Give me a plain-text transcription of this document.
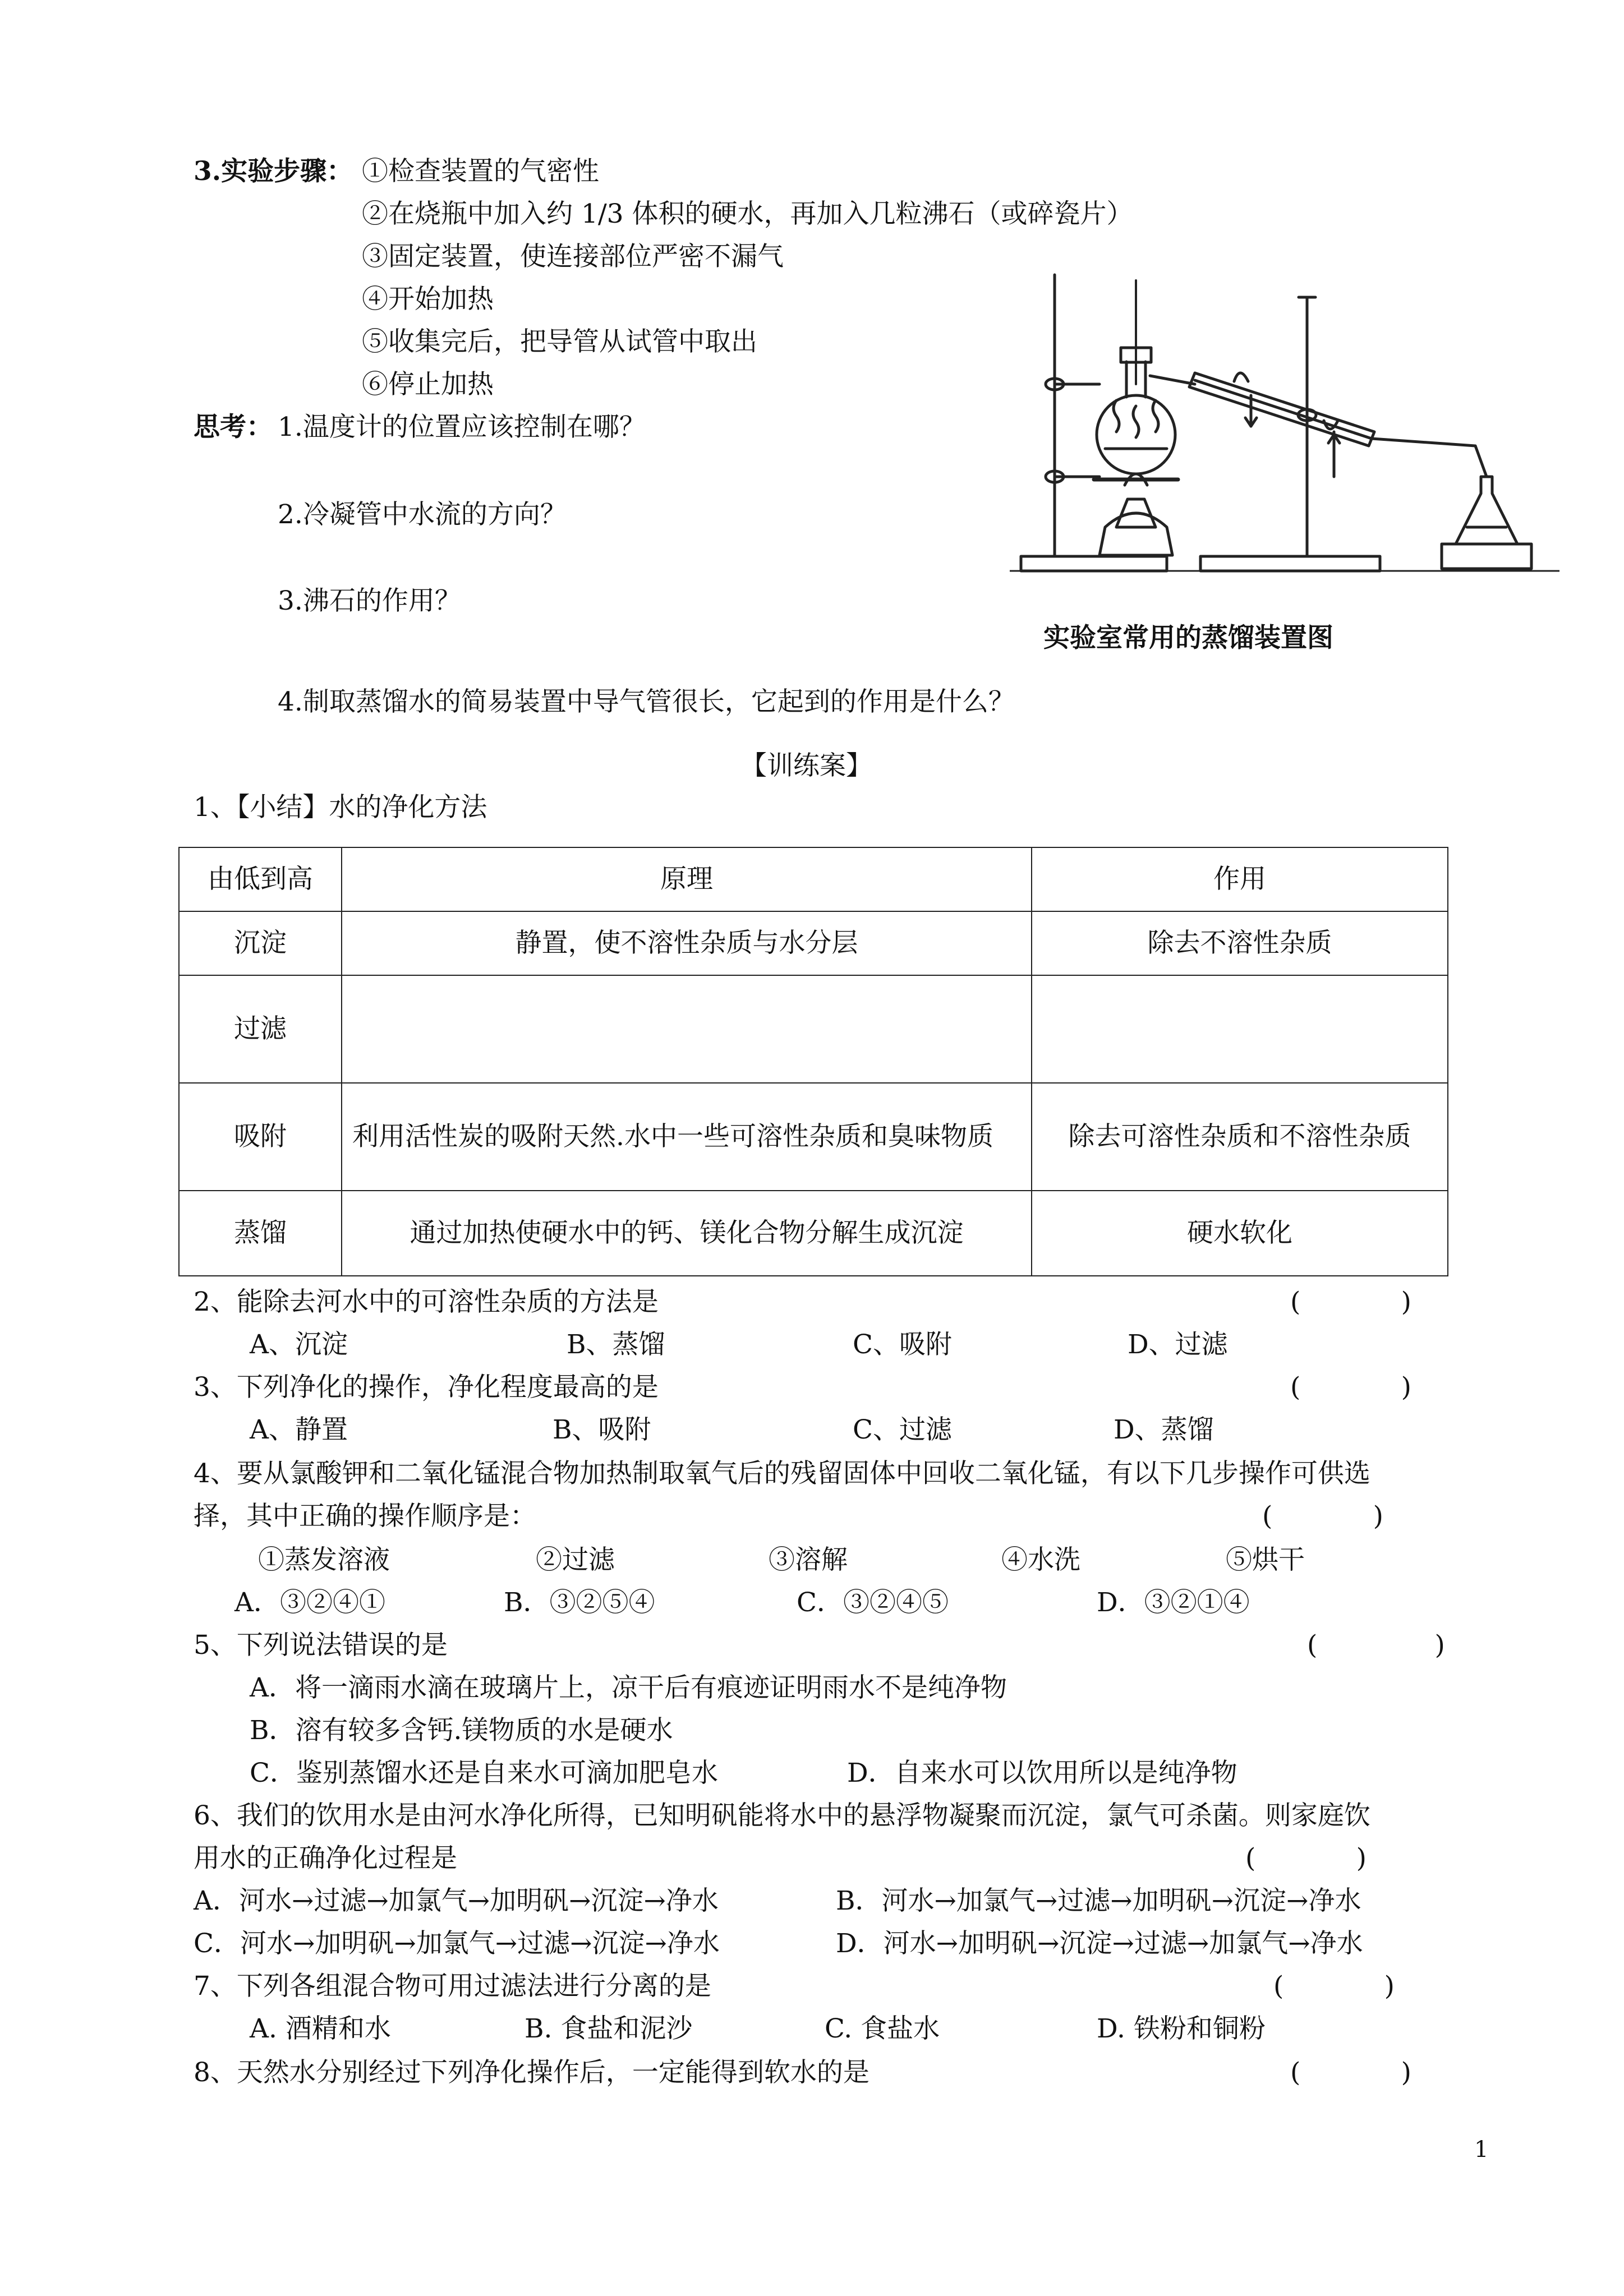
3.实验步骤： ①检查装置的气密性
②在烧瓶中加入约 1/3 体积的硬水，再加入几粒沸石（或碎瓷片）
③固定装置，使连接部位严密不漏气
④开始加热
⑤收集完后，把导管从试管中取出
⑥停止加热
思考： 1.温度计的位置应该控制在哪？
2.冷凝管中水流的方向？
3.沸石的作用？
4.制取蒸馏水的简易装置中导气管很长，它起到的作用是什么？
实验室常用的蒸馏装置图
【训练案】
1、【小结】水的净化方法
由低到高	原理	作用
沉淀	静置，使不溶性杂质与水分层	除去不溶性杂质
过滤		
吸附	利用活性炭的吸附天然.水中一些可溶性杂质和臭味物质	除去可溶性杂质和不溶性杂质
蒸馏	通过加热使硬水中的钙、镁化合物分解生成沉淀	硬水软化
2、能除去河水中的可溶性杂质的方法是	(            )
A、沉淀	B、蒸馏	C、吸附	D、过滤
3、下列净化的操作，净化程度最高的是	(            )
A、静置	B、吸附	C、过滤	D、蒸馏
4、要从氯酸钾和二氧化锰混合物加热制取氧气后的残留固体中回收二氧化锰，有以下几步操作可供选
择，其中正确的操作顺序是：	(            )
①蒸发溶液	②过滤	③溶解	④水洗	⑤烘干
A．③②④①	B．③②⑤④	C．③②④⑤	D．③②①④
5、下列说法错误的是	(              )
A．将一滴雨水滴在玻璃片上，凉干后有痕迹证明雨水不是纯净物
B．溶有较多含钙.镁物质的水是硬水
C．鉴别蒸馏水还是自来水可滴加肥皂水	D．自来水可以饮用所以是纯净物
6、我们的饮用水是由河水净化所得，已知明矾能将水中的悬浮物凝聚而沉淀，氯气可杀菌。则家庭饮
用水的正确净化过程是	(            )
A．河水→过滤→加氯气→加明矾→沉淀→净水	B．河水→加氯气→过滤→加明矾→沉淀→净水
C．河水→加明矾→加氯气→过滤→沉淀→净水	D．河水→加明矾→沉淀→过滤→加氯气→净水
7、下列各组混合物可用过滤法进行分离的是	(            )
A. 酒精和水	B. 食盐和泥沙	C. 食盐水	D. 铁粉和铜粉
8、天然水分别经过下列净化操作后，一定能得到软水的是	(            )
1
